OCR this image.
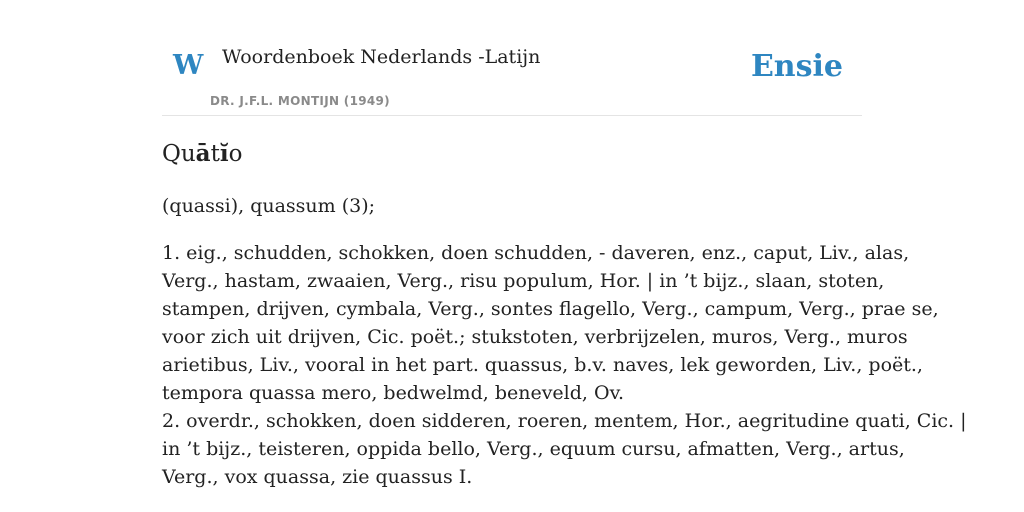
W Woordenboek Nederlands -Latijn
DR. J.F.L. MONTIJN (1949)
Ensie
Quātĭo
(quassi), quassum (3);
1. eig., schudden, schokken, doen schudden, - daveren, enz., caput, Liv., alas,
Verg., hastam, zwaaien, Verg., risu populum, Hor. | in ’t bijz., slaan, stoten,
stampen, drijven, cymbala, Verg., sontes flagello, Verg., campum, Verg., prae se,
voor zich uit drijven, Cic. poët.; stukstoten, verbrijzelen, muros, Verg., muros
arietibus, Liv., vooral in het part. quassus, b.v. naves, lek geworden, Liv., poët.,
tempora quassa mero, bedwelmd, beneveld, Ov.
2. overdr., schokken, doen sidderen, roeren, mentem, Hor., aegritudine quati, Cic. |
in ’t bijz., teisteren, oppida bello, Verg., equum cursu, afmatten, Verg., artus,
Verg., vox quassa, zie quassus I.
